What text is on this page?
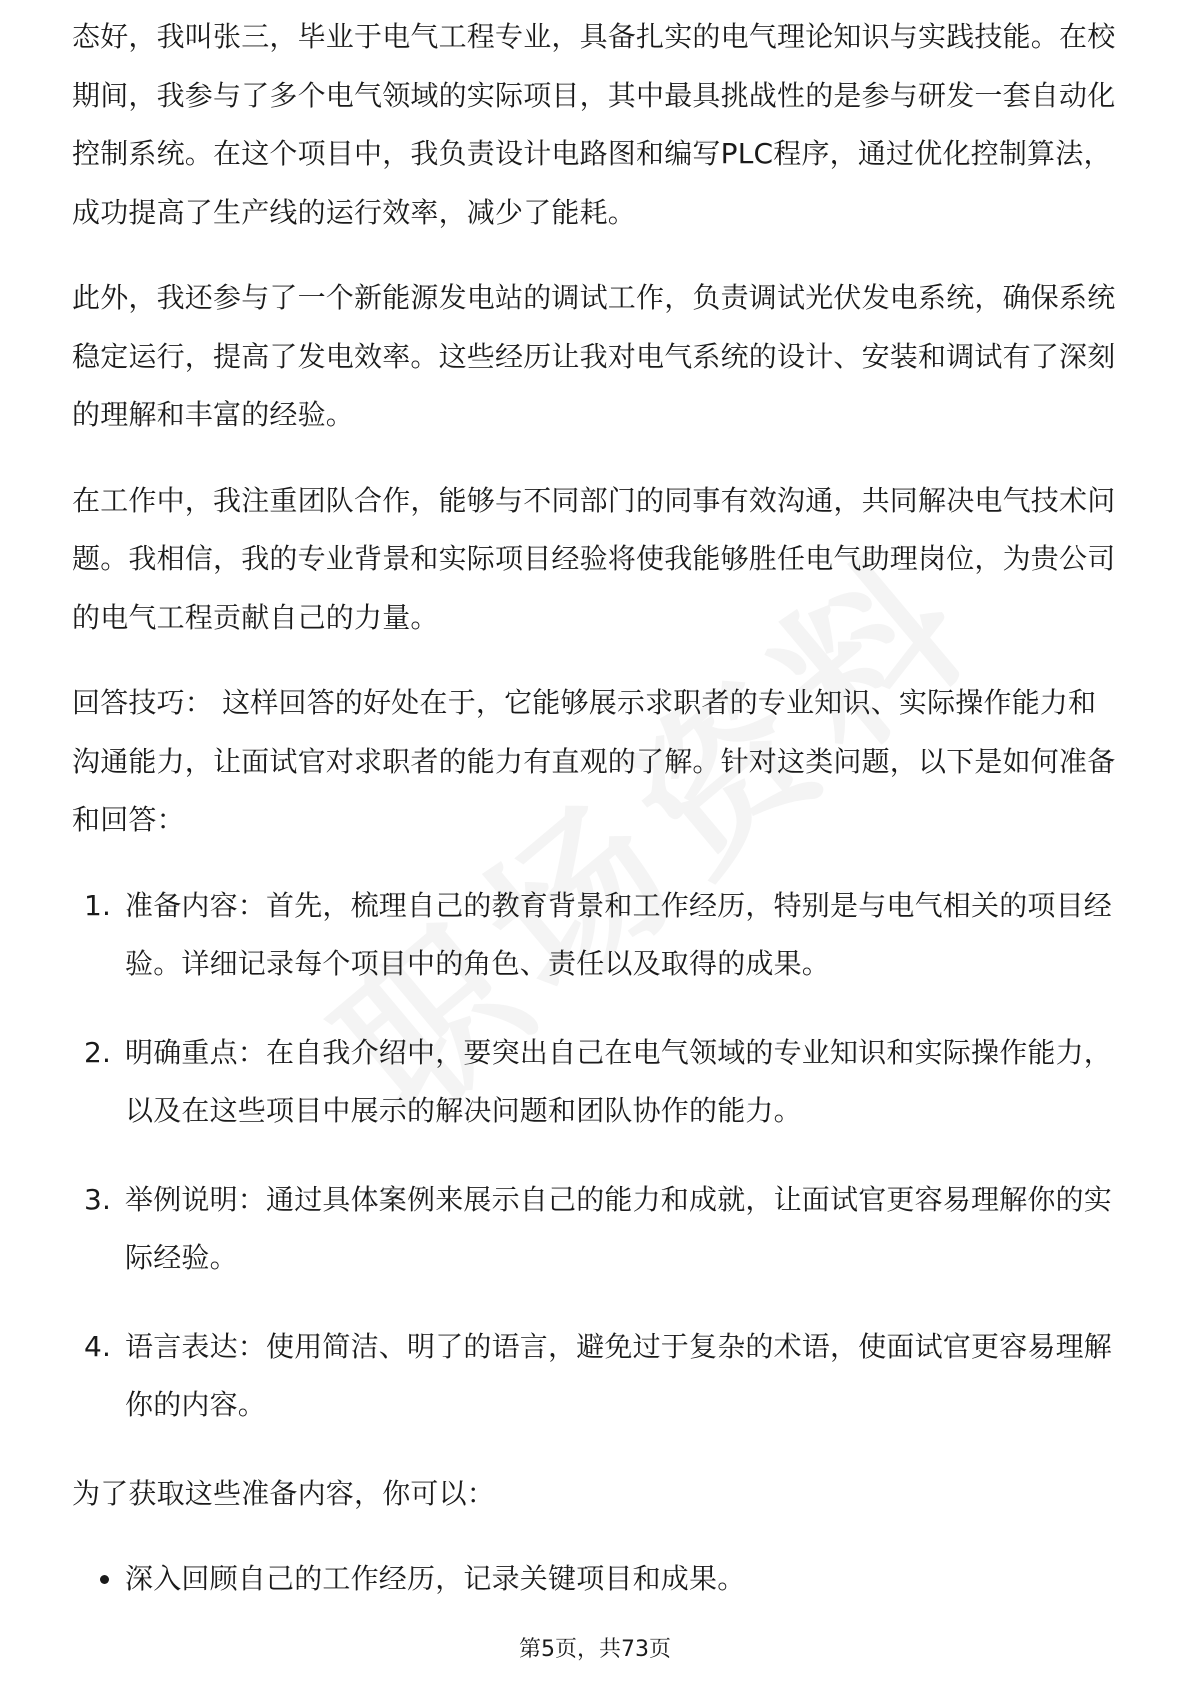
态好，我叫张三，毕业于电气工程专业，具备扎实的电气理论知识与实践技能。在校期间，我参与了多个电气领域的实际项目，其中最具挑战性的是参与研发一套自动化控制系统。在这个项目中，我负责设计电路图和编写PLC程序，通过优化控制算法，成功提高了生产线的运行效率，减少了能耗。

此外，我还参与了一个新能源发电站的调试工作，负责调试光伏发电系统，确保系统稳定运行，提高了发电效率。这些经历让我对电气系统的设计、安装和调试有了深刻的理解和丰富的经验。

在工作中，我注重团队合作，能够与不同部门的同事有效沟通，共同解决电气技术问题。我相信，我的专业背景和实际项目经验将使我能够胜任电气助理岗位，为贵公司的电气工程贡献自己的力量。

回答技巧： 这样回答的好处在于，它能够展示求职者的专业知识、实际操作能力和沟通能力，让面试官对求职者的能力有直观的了解。针对这类问题，以下是如何准备和回答：

1. 准备内容：首先，梳理自己的教育背景和工作经历，特别是与电气相关的项目经验。详细记录每个项目中的角色、责任以及取得的成果。
2. 明确重点：在自我介绍中，要突出自己在电气领域的专业知识和实际操作能力，以及在这些项目中展示的解决问题和团队协作的能力。
3. 举例说明：通过具体案例来展示自己的能力和成就，让面试官更容易理解你的实际经验。
4. 语言表达：使用简洁、明了的语言，避免过于复杂的术语，使面试官更容易理解你的内容。

为了获取这些准备内容，你可以：

深入回顾自己的工作经历，记录关键项目和成果。
第5页，共73页
